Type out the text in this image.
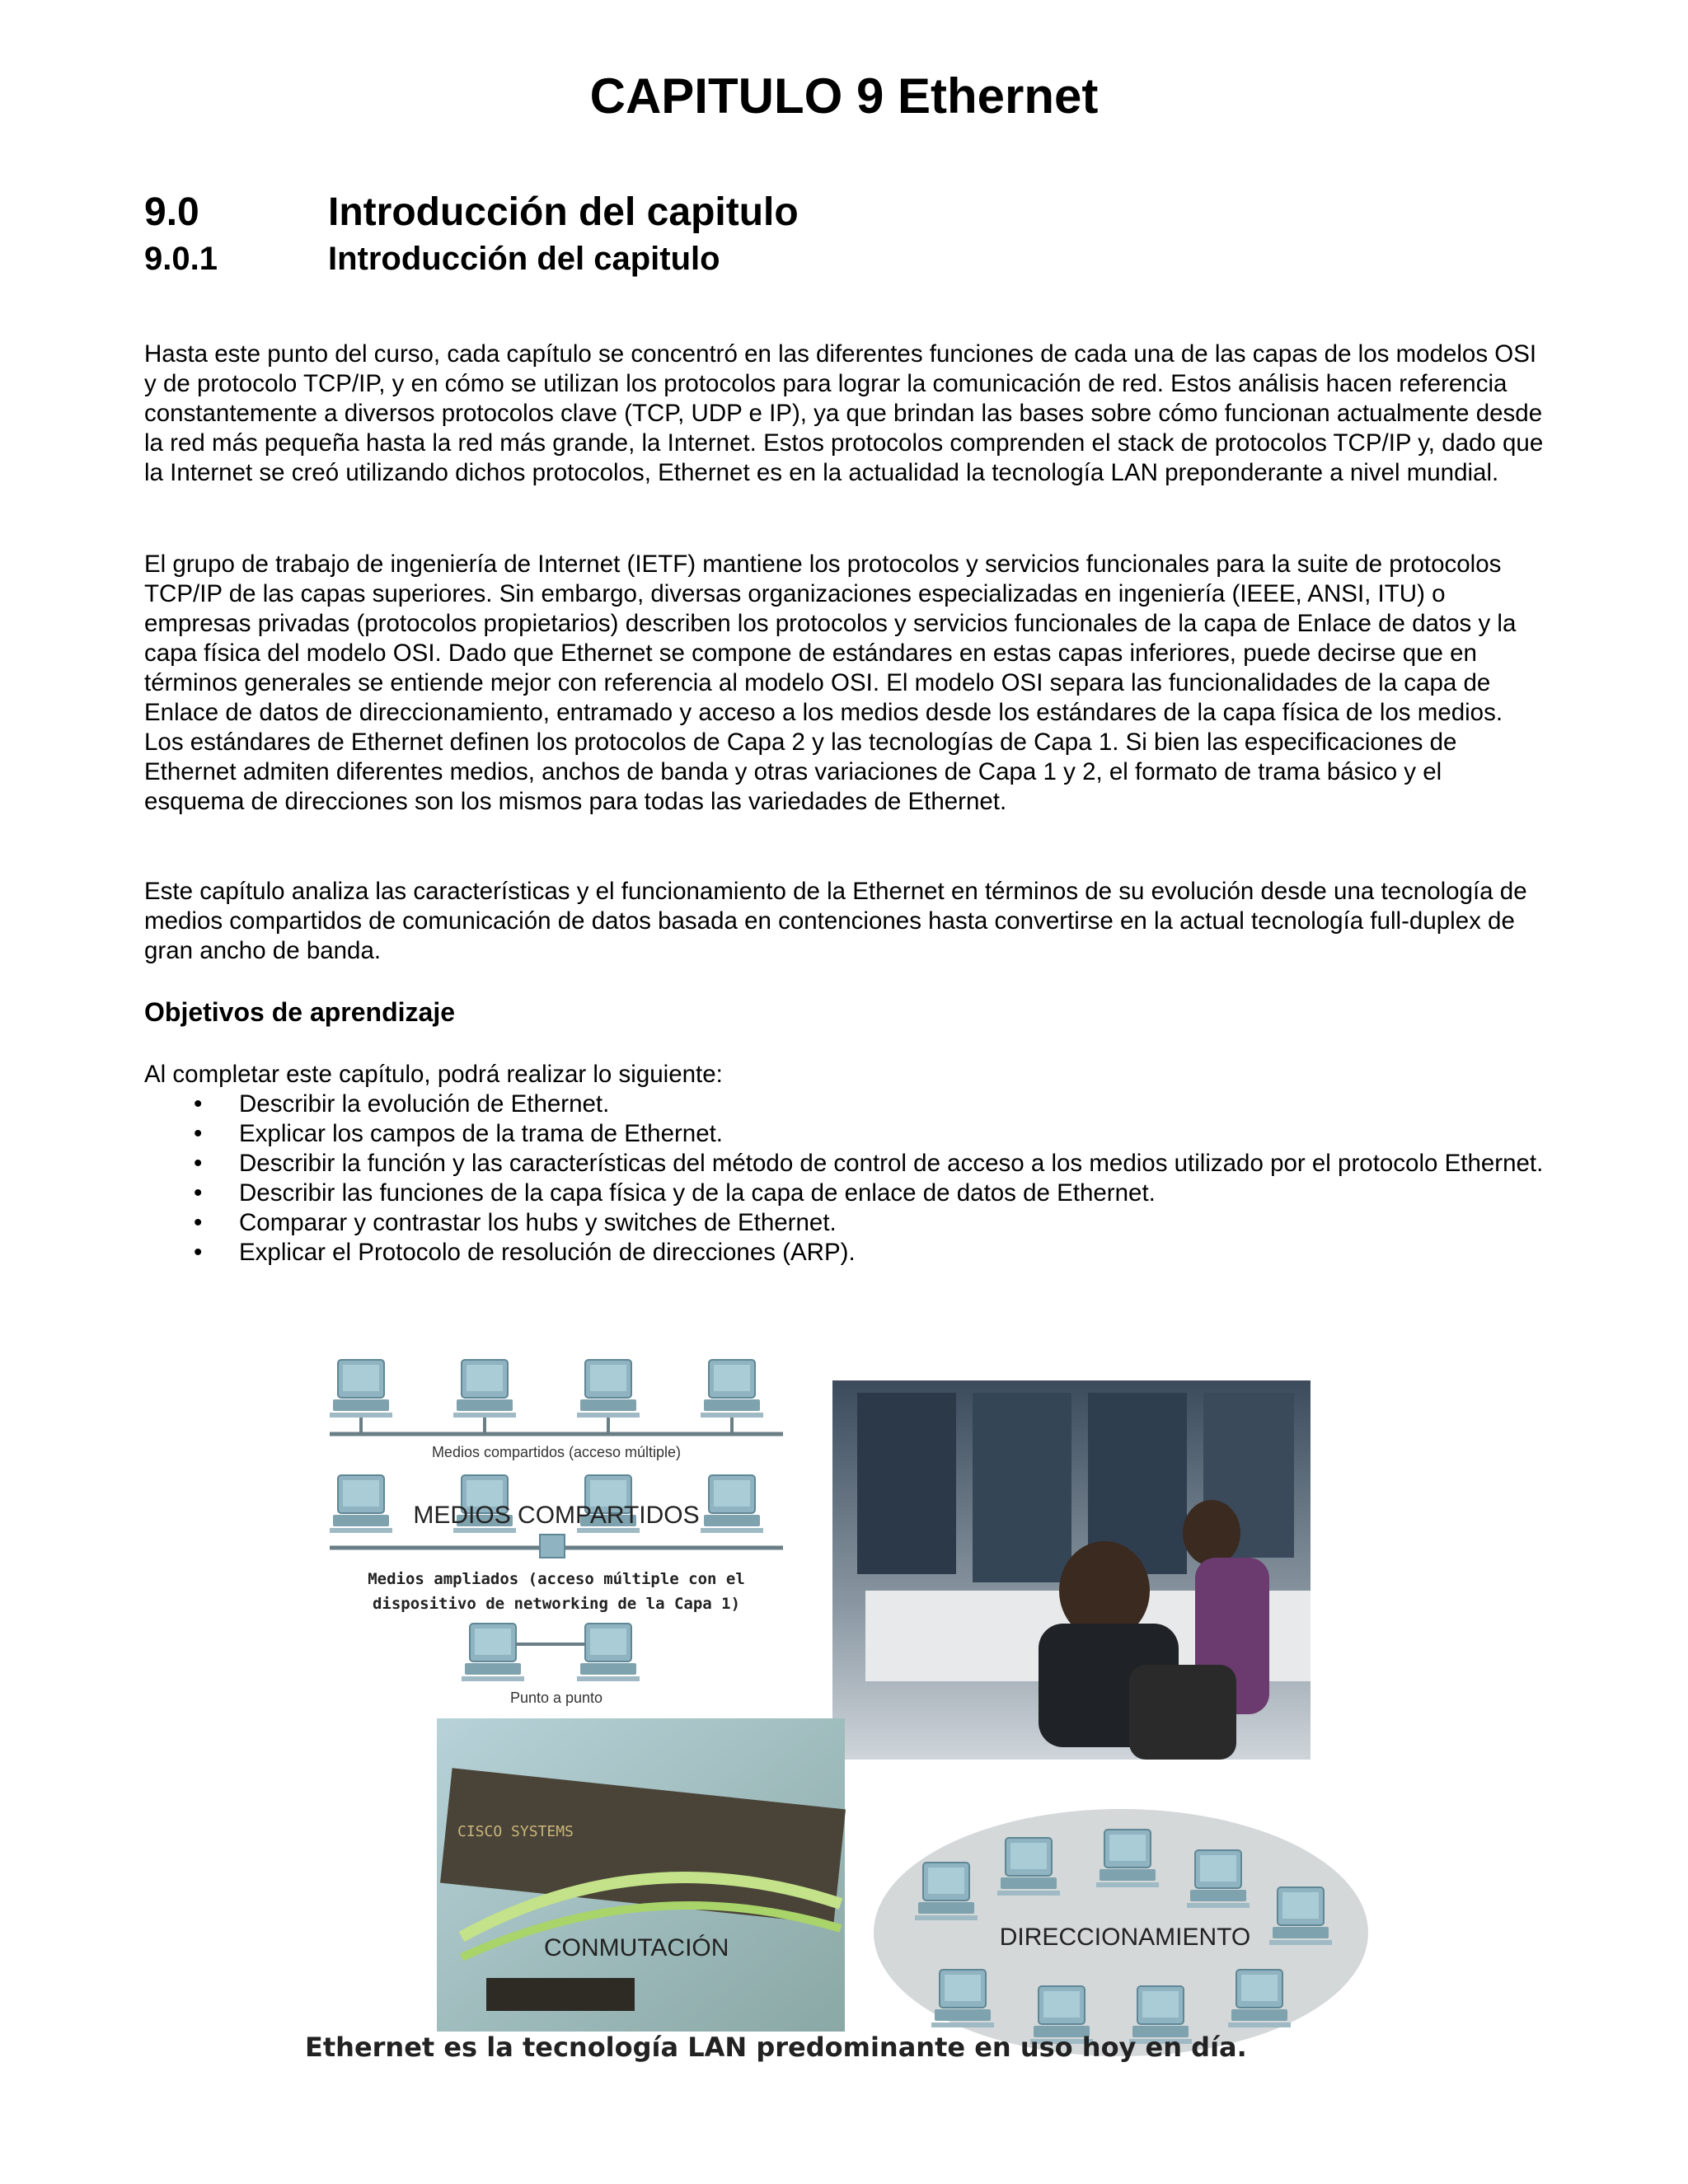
CAPITULO 9 Ethernet
9.0	Introducción del capitulo
9.0.1	Introducción del capitulo

Hasta este punto del curso, cada capítulo se concentró en las diferentes funciones de cada una de las capas de los modelos OSI y de protocolo TCP/IP, y en cómo se utilizan los protocolos para lograr la comunicación de red. Estos análisis hacen referencia constantemente a diversos protocolos clave (TCP, UDP e IP), ya que brindan las bases sobre cómo funcionan actualmente desde la red más pequeña hasta la red más grande, la Internet. Estos protocolos comprenden el stack de protocolos TCP/IP y, dado que la Internet se creó utilizando dichos protocolos, Ethernet es en la actualidad la tecnología LAN preponderante a nivel mundial.

El grupo de trabajo de ingeniería de Internet (IETF) mantiene los protocolos y servicios funcionales para la suite de protocolos TCP/IP de las capas superiores. Sin embargo, diversas organizaciones especializadas en ingeniería (IEEE, ANSI, ITU) o empresas privadas (protocolos propietarios) describen los protocolos y servicios funcionales de la capa de Enlace de datos y la capa física del modelo OSI. Dado que Ethernet se compone de estándares en estas capas inferiores, puede decirse que en términos generales se entiende mejor con referencia al modelo OSI. El modelo OSI separa las funcionalidades de la capa de Enlace de datos de direccionamiento, entramado y acceso a los medios desde los estándares de la capa física de los medios. Los estándares de Ethernet definen los protocolos de Capa 2 y las tecnologías de Capa 1. Si bien las especificaciones de Ethernet admiten diferentes medios, anchos de banda y otras variaciones de Capa 1 y 2, el formato de trama básico y el esquema de direcciones son los mismos para todas las variedades de Ethernet.

Este capítulo analiza las características y el funcionamiento de la Ethernet en términos de su evolución desde una tecnología de medios compartidos de comunicación de datos basada en contenciones hasta convertirse en la actual tecnología full-duplex de gran ancho de banda.

Objetivos de aprendizaje

Al completar este capítulo, podrá realizar lo siguiente:

• Describir la evolución de Ethernet.
• Explicar los campos de la trama de Ethernet.
• Describir la función y las características del método de control de acceso a los medios utilizado por el protocolo Ethernet.
• Describir las funciones de la capa física y de la capa de enlace de datos de Ethernet.
• Comparar y contrastar los hubs y switches de Ethernet.
• Explicar el Protocolo de resolución de direcciones (ARP).
Medios compartidos (acceso múltiple)
MEDIOS COMPARTIDOS
Medios ampliados (acceso múltiple con el
dispositivo de networking de la Capa 1)
Punto a punto
CISCO SYSTEMS
CONMUTACIÓN	DIRECCIONAMIENTO
Ethernet es la tecnología LAN predominante en uso hoy en día.
